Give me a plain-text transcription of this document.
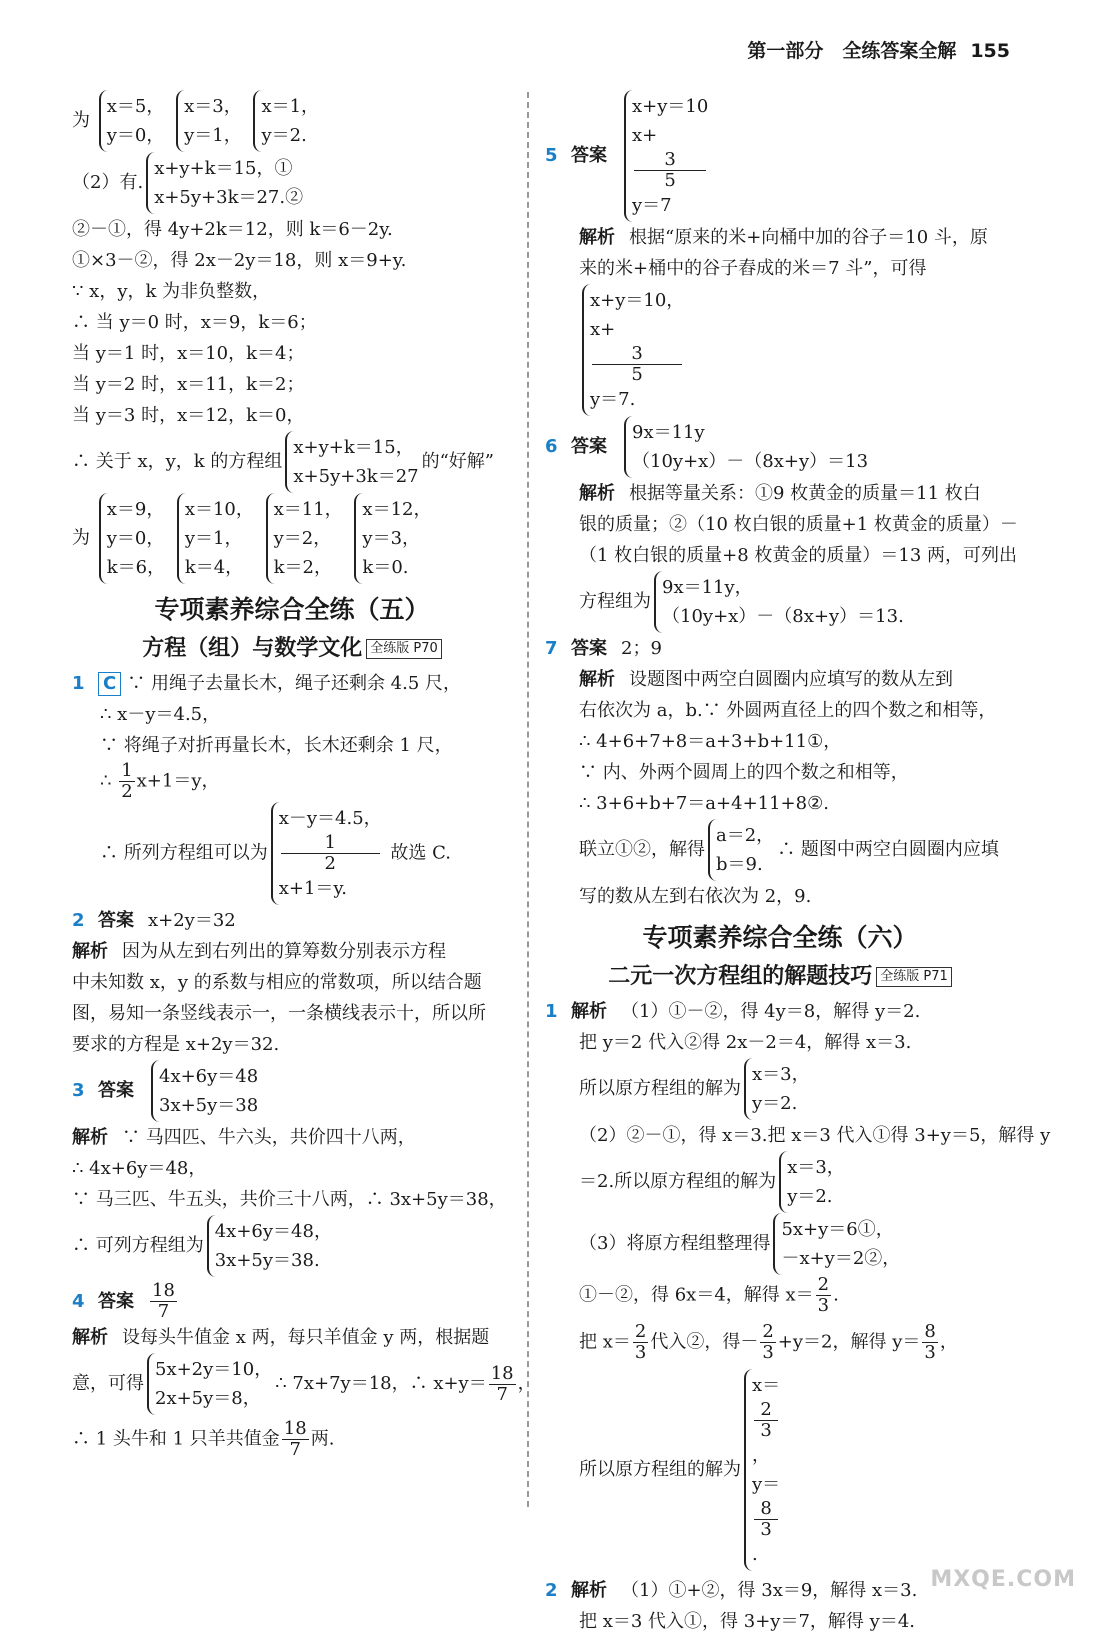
第一部分　全练答案全解 155
为
x＝5，
y＝0，

x＝3，
y＝1，

x＝1，
y＝2.
（2）有.
x+y+k＝15，①
x+5y+3k＝27.②
②－①，得 4y+2k＝12，则 k＝6－2y.
①×3－②，得 2x－2y＝18，则 x＝9+y.
∵ x，y，k 为非负整数，
∴ 当 y＝0 时，x＝9，k＝6；
当 y＝1 时，x＝10，k＝4；
当 y＝2 时，x＝11，k＝2；
当 y＝3 时，x＝12，k＝0，
∴ 关于 x，y，k 的方程组
x+y+k＝15，
x+5y+3k＝27
的“好解”
为
x＝9，
y＝0，
k＝6，

x＝10，
y＝1，
k＝4，

x＝11，
y＝2，
k＝2，

x＝12，
y＝3，
k＝0.
专项素养综合全练（五）
方程（组）与数学文化 全练版 P70
1 C ∵ 用绳子去量长木，绳子还剩余 4.5 尺，
∴ x－y＝4.5，
∵ 将绳子对折再量长木，长木还剩余 1 尺，
∴ $\frac{1}{2} x+1=y$，
∴ 所列方程组可以为
x－y＝4.5，
1
2
x+1＝y.
故选 C.
2 答案 x+2y＝32
解析 因为从左到右列出的算筹数分别表示方程
中未知数 x，y 的系数与相应的常数项，所以结合题
图，易知一条竖线表示一，一条横线表示十，所以所
要求的方程是 x+2y＝32.
3 答案
4x+6y＝48
3x+5y＝38
解析 ∵ 马四匹、牛六头，共价四十八两，
∴ 4x+6y＝48，
∵ 马三匹、牛五头，共价三十八两，∴ 3x+5y＝38，
∴ 可列方程组为
4x+6y＝48，
3x+5y＝38.
4 答案 $\frac{18}{7}$
解析 设每头牛值金 x 两，每只羊值金 y 两，根据题
意，可得
5x+2y＝10，
2x+5y＝8，
∴ 7x+7y＝18，∴ $x+y= \frac{18}{7}$ ，
∴ 1 头牛和 1 只羊共值金 $\frac{18}{7}$ 两.
5 答案
x+y＝10
x+
3
5
y＝7
解析 根据“原来的米+向桶中加的谷子＝10 斗，原
来的米+桶中的谷子舂成的米＝7 斗”，可得
x+y＝10，
x+
3
5
y＝7.
6 答案
9x＝11y
（10y+x）－（8x+y）＝13
解析 根据等量关系：①9 枚黄金的质量＝11 枚白
银的质量；②（10 枚白银的质量+1 枚黄金的质量）－
（1 枚白银的质量+8 枚黄金的质量）＝13 两，可列出
方程组为
9x＝11y，
（10y+x）－（8x+y）＝13.
7 答案 2；9
解析 设题图中两空白圆圈内应填写的数从左到
右依次为 a，b.∵ 外圆两直径上的四个数之和相等，
∴ 4+6+7+8＝a+3+b+11①，
∵ 内、外两个圆周上的四个数之和相等，
∴ 3+6+b+7＝a+4+11+8②.
联立①②，解得
a＝2，
b＝9.
∴ 题图中两空白圆圈内应填
写的数从左到右依次为 2，9.
专项素养综合全练（六）
二元一次方程组的解题技巧 全练版 P71
1 解析 （1）①－②，得 4y＝8，解得 y＝2.
把 y＝2 代入②得 2x－2＝4，解得 x＝3.
所以原方程组的解为
x＝3，
y＝2.
（2）②－①，得 x＝3.把 x＝3 代入①得 3+y＝5，解得 y
＝2.所以原方程组的解为
x＝3，
y＝2.
（3）将原方程组整理得
5x+y＝6①，
－x+y＝2②，
①－②，得 6x＝4，解得 $x= \frac{2}{3}$ .
把 $x= \frac{2}{3}$ 代入②，得－ $\frac{2}{3} +y=2$，解得 $y= \frac{8}{3}$ ，
所以原方程组的解为
x＝
2
3
，
y＝
8
3
.
2 解析 （1）①+②，得 3x＝9，解得 x＝3.
把 x＝3 代入①，得 3+y＝7，解得 y＝4.
MXQE.COM
